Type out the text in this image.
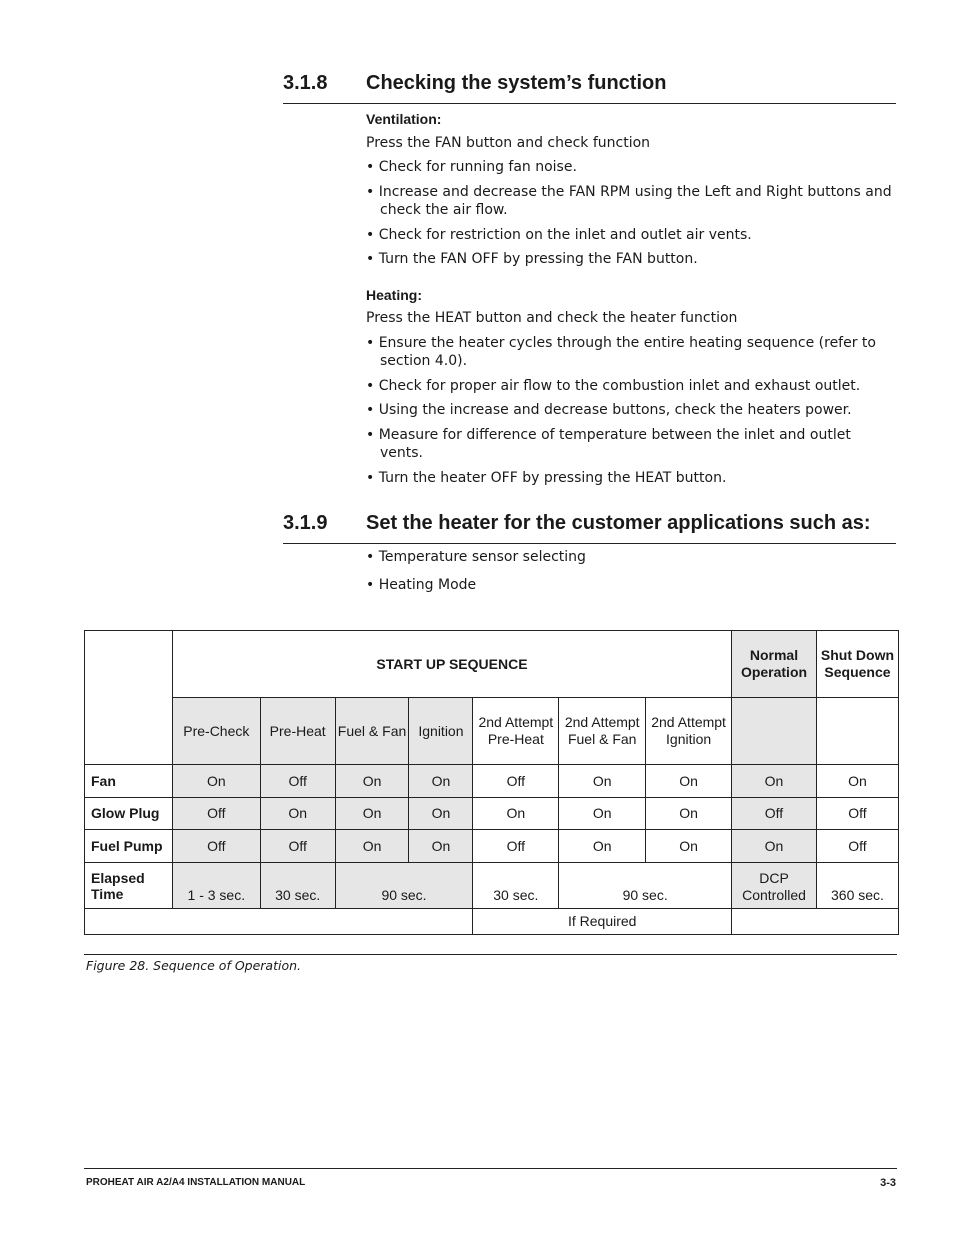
3.1.8	Checking the system’s function
Ventilation:
Press the FAN button and check function
• Check for running fan noise.
• Increase and decrease the FAN RPM using the Left and Right buttons and check the air flow.
• Check for restriction on the inlet and outlet air vents.
• Turn the FAN OFF by pressing the FAN button.
Heating:
Press the HEAT button and check the heater function
• Ensure the heater cycles through the entire heating sequence (refer to section 4.0).
• Check for proper air flow to the combustion inlet and exhaust outlet.
• Using the increase and decrease buttons, check the heaters power.
• Measure for difference of temperature between the inlet and outlet vents.
• Turn the heater OFF by pressing the HEAT button.
3.1.9	Set the heater for the customer applications such as:
• Temperature sensor selecting
• Heating Mode
	START UP SEQUENCE							Normal Operation	Shut Down Sequence
	Pre-Check	Pre-Heat	Fuel & Fan	Ignition	2nd Attempt Pre-Heat	2nd Attempt Fuel & Fan	2nd Attempt Ignition		
Fan	On	Off	On	On	Off	On	On	On	On
Glow Plug	Off	On	On	On	On	On	On	Off	Off
Fuel Pump	Off	Off	On	On	Off	On	On	On	Off
Elapsed Time	1 - 3 sec.	30 sec.	90 sec.		30 sec.	90 sec.		DCP Controlled	360 sec.
					If Required				
Figure 28. Sequence of Operation.
PROHEAT AIR A2/A4 INSTALLATION MANUAL	3-3
